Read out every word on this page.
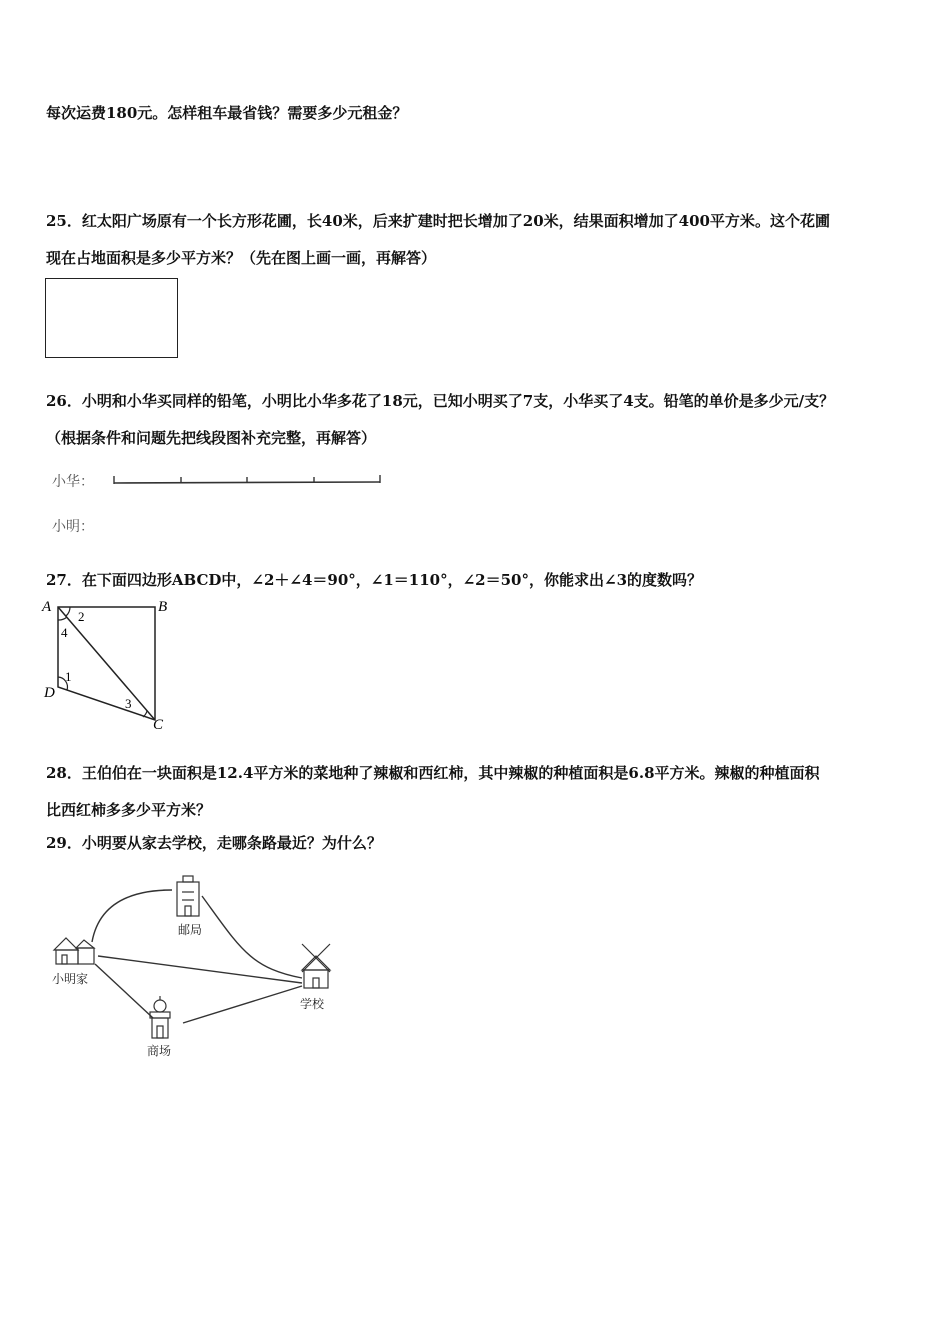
每次运费180元。怎样租车最省钱？需要多少元租金？
25．红太阳广场原有一个长方形花圃，长40米，后来扩建时把长增加了20米，结果面积增加了400平方米。这个花圃
现在占地面积是多少平方米？（先在图上画一画，再解答）
26．小明和小华买同样的铅笔，小明比小华多花了18元，已知小明买了7支，小华买了4支。铅笔的单价是多少元/支？
（根据条件和问题先把线段图补充完整，再解答）
小华：
小明：
27．在下面四边形ABCD中，∠2＋∠4＝90°，∠1＝110°，∠2＝50°，你能求出∠3的度数吗？
A	B
C
D
2
4
1
3
28．王伯伯在一块面积是12.4平方米的菜地种了辣椒和西红柿，其中辣椒的种植面积是6.8平方米。辣椒的种植面积
比西红柿多多少平方米？
29．小明要从家去学校，走哪条路最近？为什么？
邮局
小明家
学校
商场
